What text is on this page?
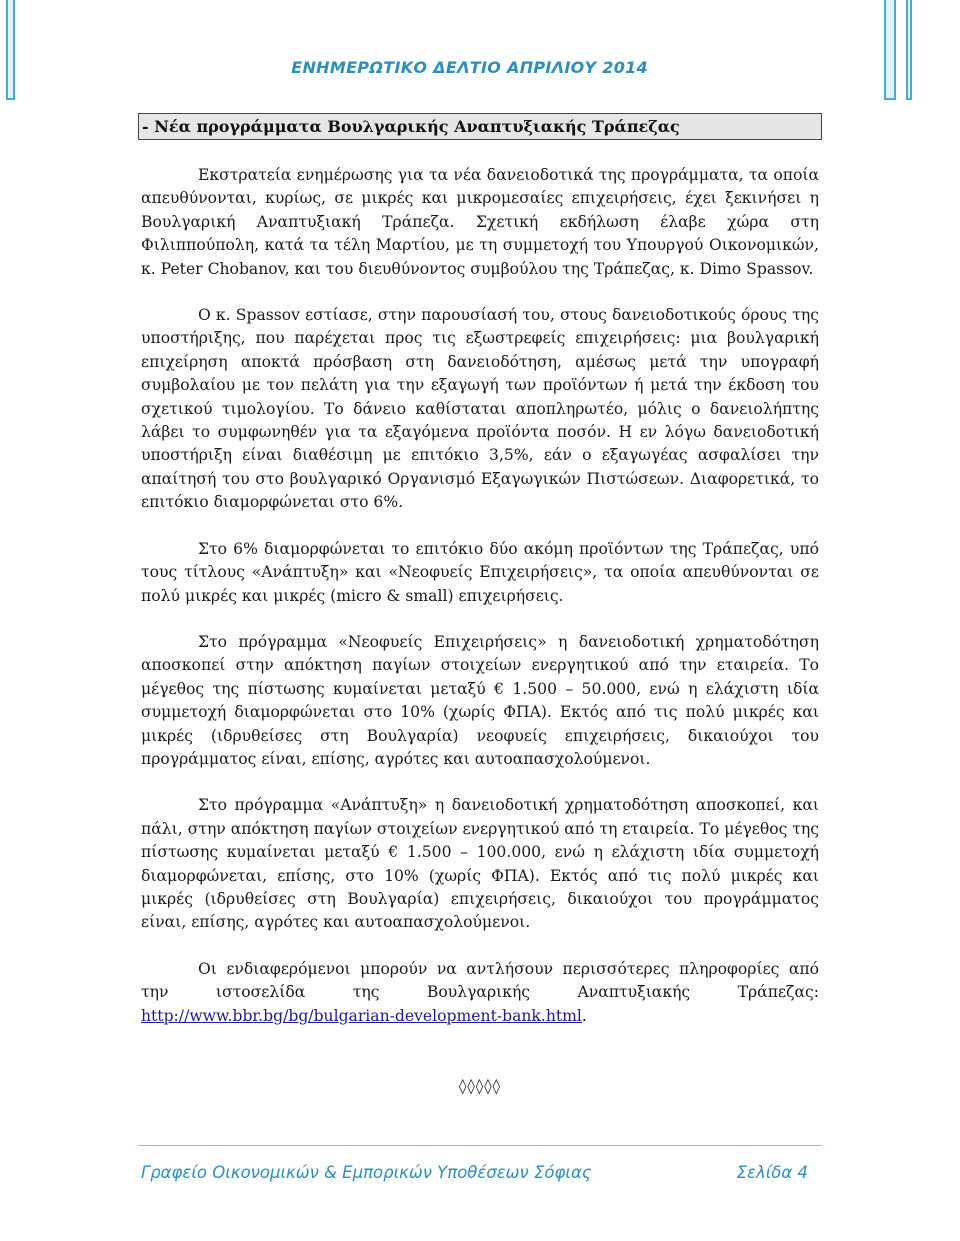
ΕΝΗΜΕΡΩΤΙΚΟ ΔΕΛΤΙΟ ΑΠΡΙΛΙΟΥ 2014
- Νέα προγράμματα Βουλγαρικής Αναπτυξιακής Τράπεζας

Εκστρατεία ενημέρωσης για τα νέα δανειοδοτικά της προγράμματα, τα οποία απευθύνονται, κυρίως, σε μικρές και μικρομεσαίες επιχειρήσεις, έχει ξεκινήσει η Βουλγαρική Αναπτυξιακή Τράπεζα. Σχετική εκδήλωση έλαβε χώρα στη Φιλιππούπολη, κατά τα τέλη Μαρτίου, με τη συμμετοχή του Υπουργού Οικονομικών, κ. Peter Chobanov, και του διευθύνοντος συμβούλου της Τράπεζας, κ. Dimo Spassov.

Ο κ. Spassov εστίασε, στην παρουσίασή του, στους δανειοδοτικούς όρους της υποστήριξης, που παρέχεται προς τις εξωστρεφείς επιχειρήσεις: μια βουλγαρική επιχείρηση αποκτά πρόσβαση στη δανειοδότηση, αμέσως μετά την υπογραφή συμβολαίου με τον πελάτη για την εξαγωγή των προϊόντων ή μετά την έκδοση του σχετικού τιμολογίου. Το δάνειο καθίσταται αποπληρωτέο, μόλις ο δανειολήπτης λάβει το συμφωνηθέν για τα εξαγόμενα προϊόντα ποσόν. Η εν λόγω δανειοδοτική υποστήριξη είναι διαθέσιμη με επιτόκιο 3,5%, εάν ο εξαγωγέας ασφαλίσει την απαίτησή του στο βουλγαρικό Οργανισμό Εξαγωγικών Πιστώσεων. Διαφορετικά, το επιτόκιο διαμορφώνεται στο 6%.

Στο 6% διαμορφώνεται το επιτόκιο δύο ακόμη προϊόντων της Τράπεζας, υπό τους τίτλους «Ανάπτυξη» και «Νεοφυείς Επιχειρήσεις», τα οποία απευθύνονται σε πολύ μικρές και μικρές (micro & small) επιχειρήσεις.

Στο πρόγραμμα «Νεοφυείς Επιχειρήσεις» η δανειοδοτική χρηματοδότηση αποσκοπεί στην απόκτηση παγίων στοιχείων ενεργητικού από την εταιρεία. Το μέγεθος της πίστωσης κυμαίνεται μεταξύ € 1.500 – 50.000, ενώ η ελάχιστη ιδία συμμετοχή διαμορφώνεται στο 10% (χωρίς ΦΠΑ). Εκτός από τις πολύ μικρές και μικρές (ιδρυθείσες στη Βουλγαρία) νεοφυείς επιχειρήσεις, δικαιούχοι του προγράμματος είναι, επίσης, αγρότες και αυτοαπασχολούμενοι.

Στο πρόγραμμα «Ανάπτυξη» η δανειοδοτική χρηματοδότηση αποσκοπεί, και πάλι, στην απόκτηση παγίων στοιχείων ενεργητικού από τη εταιρεία. Το μέγεθος της πίστωσης κυμαίνεται μεταξύ € 1.500 – 100.000, ενώ η ελάχιστη ιδία συμμετοχή διαμορφώνεται, επίσης, στο 10% (χωρίς ΦΠΑ). Εκτός από τις πολύ μικρές και μικρές (ιδρυθείσες στη Βουλγαρία) επιχειρήσεις, δικαιούχοι του προγράμματος είναι, επίσης, αγρότες και αυτοαπασχολούμενοι.

Οι ενδιαφερόμενοι μπορούν να αντλήσουν περισσότερες πληροφορίες από την ιστοσελίδα της Βουλγαρικής Αναπτυξιακής Τράπεζας: http://www.bbr.bg/bg/bulgarian-development-bank.html.

◊◊◊◊◊
Γραφείο Οικονομικών & Εμπορικών Υποθέσεων Σόφιας	Σελίδα 4
